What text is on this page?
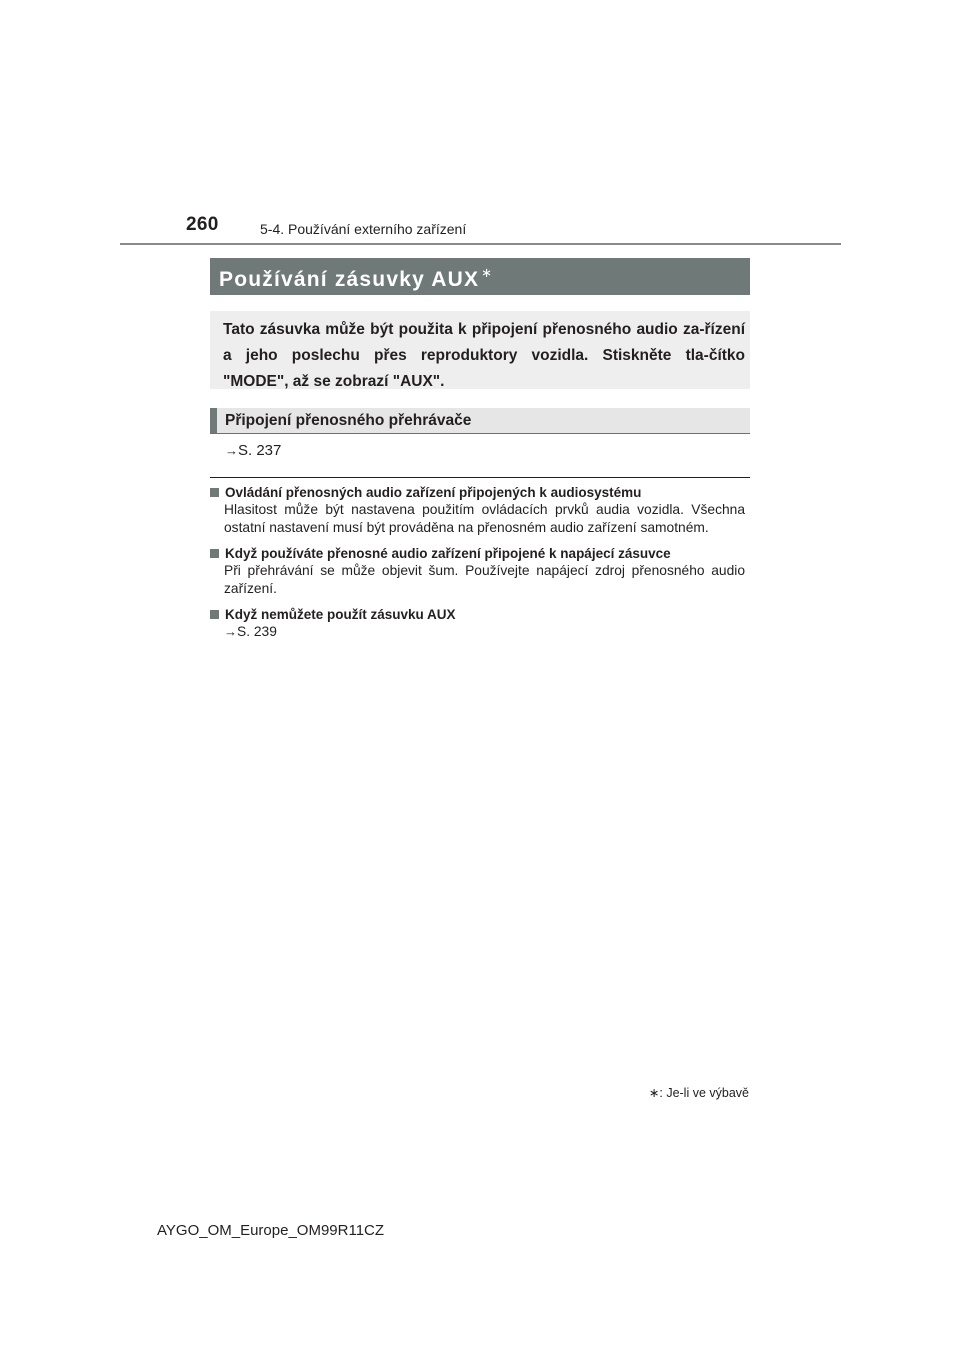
260	5-4. Používání externího zařízení
Používání zásuvky AUX ∗
Tato zásuvka může být použita k připojení přenosného audio za-řízení a jeho poslechu přes reproduktory vozidla. Stiskněte tla-čítko "MODE", až se zobrazí "AUX".
Připojení přenosného přehrávače
→S. 237
Ovládání přenosných audio zařízení připojených k audiosystému
Hlasitost může být nastavena použitím ovládacích prvků audia vozidla. Všechna ostatní nastavení musí být prováděna na přenosném audio zařízení samotném.
Když používáte přenosné audio zařízení připojené k napájecí zásuvce
Při přehrávání se může objevit šum. Používejte napájecí zdroj přenosného audio zařízení.
Když nemůžete použít zásuvku AUX
→S. 239
∗: Je-li ve výbavě
AYGO_OM_Europe_OM99R11CZ
